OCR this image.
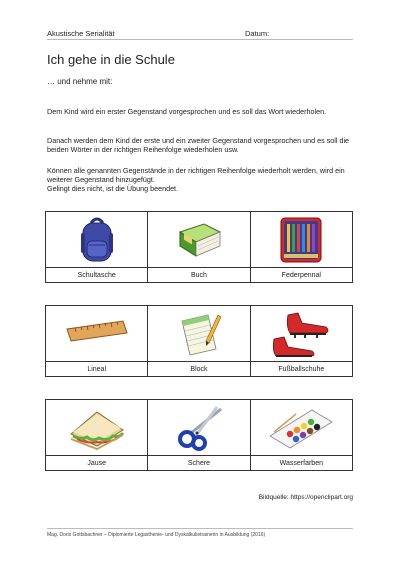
Akustische Serialität	Datum:
Ich gehe in die Schule
… und nehme mit:

Dem Kind wird ein erster Gegenstand vorgesprochen und es soll das Wort wiederholen.

Danach werden dem Kind der erste und ein zweiter Gegenstand vorgesprochen und es soll die beiden Wörter in der richtigen Reihenfolge wiederholen usw.

Können alle genannten Gegenstände in der richtigen Reihenfolge wiederholt werden, wird ein weiterer Gegenstand hinzugefügt.
Gelingt dies nicht, ist die Übung beendet.

Schultasche	Buch	Federpennal

Lineal	Block	Fußballschuhe

Jause	Schere	Wasserfarben
Bildquelle: https://openclipart.org
Mag. Doris Gottsbachner – Diplomierte Legasthenie- und Dyskalkulietrainerin in Ausbildung (2016)
